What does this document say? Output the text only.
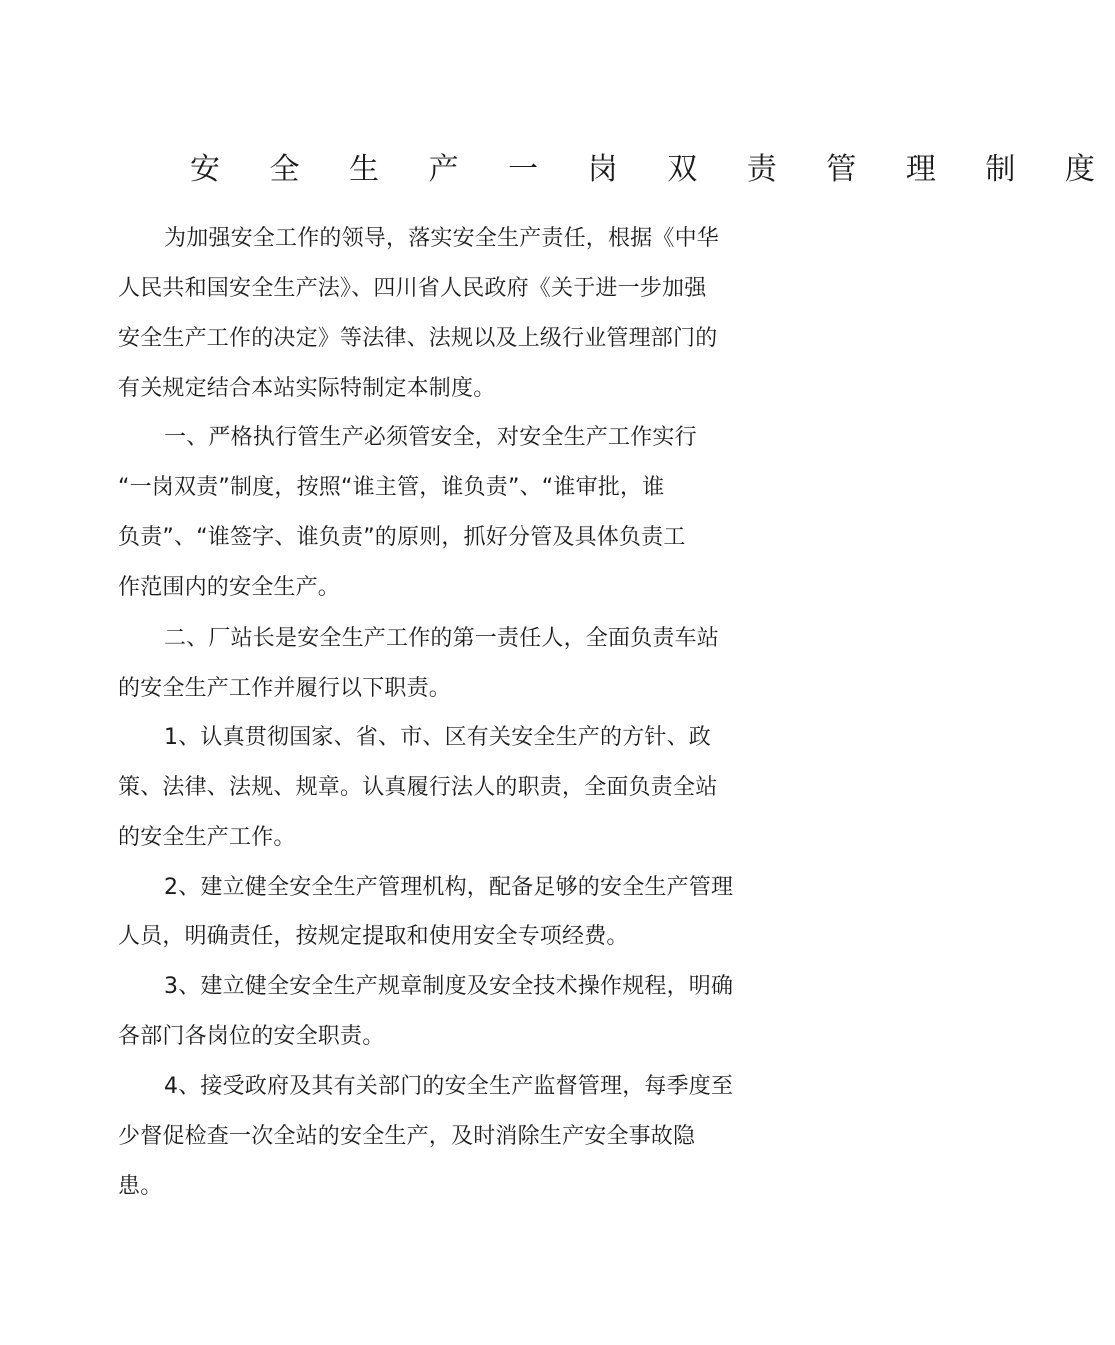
安 全 生 产 一 岗 双 责 管 理 制 度
为加强安全工作的领导，落实安全生产责任，根据《中华
人民共和国安全生产法》、四川省人民政府《关于进一步加强
安全生产工作的决定》等法律、法规以及上级行业管理部门的
有关规定结合本站实际特制定本制度。
一、严格执行管生产必须管安全，对安全生产工作实行
“一岗双责”制度，按照“谁主管，谁负责”、“谁审批，谁
负责”、“谁签字、谁负责”的原则，抓好分管及具体负责工
作范围内的安全生产。
二、厂站长是安全生产工作的第一责任人，全面负责车站
的安全生产工作并履行以下职责。
1、认真贯彻国家、省、市、区有关安全生产的方针、政
策、法律、法规、规章。认真履行法人的职责，全面负责全站
的安全生产工作。
2、建立健全安全生产管理机构，配备足够的安全生产管理
人员，明确责任，按规定提取和使用安全专项经费。
3、建立健全安全生产规章制度及安全技术操作规程，明确
各部门各岗位的安全职责。
4、接受政府及其有关部门的安全生产监督管理，每季度至
少督促检查一次全站的安全生产，及时消除生产安全事故隐
患。
